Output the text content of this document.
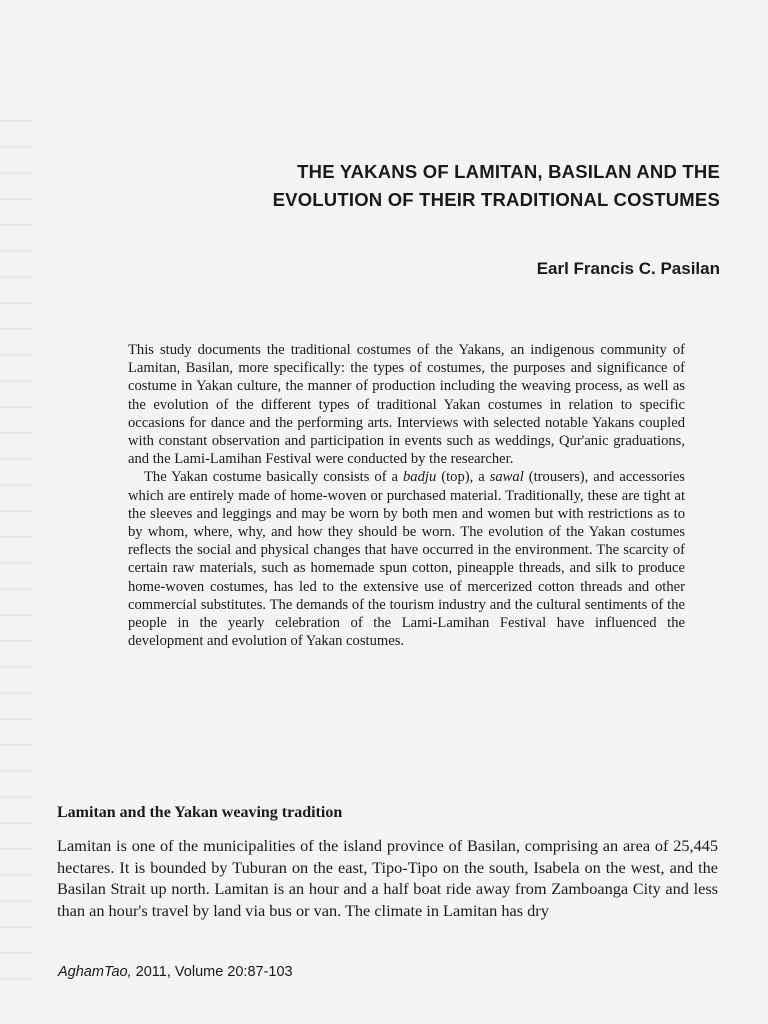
THE YAKANS OF LAMITAN, BASILAN AND THE
EVOLUTION OF THEIR TRADITIONAL COSTUMES
Earl Francis C. Pasilan

This study documents the traditional costumes of the Yakans, an indigenous community of Lamitan, Basilan, more specifically: the types of costumes, the purposes and significance of costume in Yakan culture, the manner of production including the weaving process, as well as the evolution of the different types of traditional Yakan costumes in relation to specific occasions for dance and the performing arts. Interviews with selected notable Yakans coupled with constant observation and participation in events such as weddings, Qur'anic graduations, and the Lami-Lamihan Festival were conducted by the researcher.

The Yakan costume basically consists of a badju (top), a sawal (trousers), and accessories which are entirely made of home-woven or purchased material. Traditionally, these are tight at the sleeves and leggings and may be worn by both men and women but with restrictions as to by whom, where, why, and how they should be worn. The evolution of the Yakan costumes reflects the social and physical changes that have occurred in the environment. The scarcity of certain raw materials, such as homemade spun cotton, pineapple threads, and silk to produce home-woven costumes, has led to the extensive use of mercerized cotton threads and other commercial substitutes. The demands of the tourism industry and the cultural sentiments of the people in the yearly celebration of the Lami-Lamihan Festival have influenced the development and evolution of Yakan costumes.

Lamitan and the Yakan weaving tradition

Lamitan is one of the municipalities of the island province of Basilan, comprising an area of 25,445 hectares. It is bounded by Tuburan on the east, Tipo-Tipo on the south, Isabela on the west, and the Basilan Strait up north. Lamitan is an hour and a half boat ride away from Zamboanga City and less than an hour's travel by land via bus or van. The climate in Lamitan has dry

AghamTao, 2011, Volume 20:87-103
